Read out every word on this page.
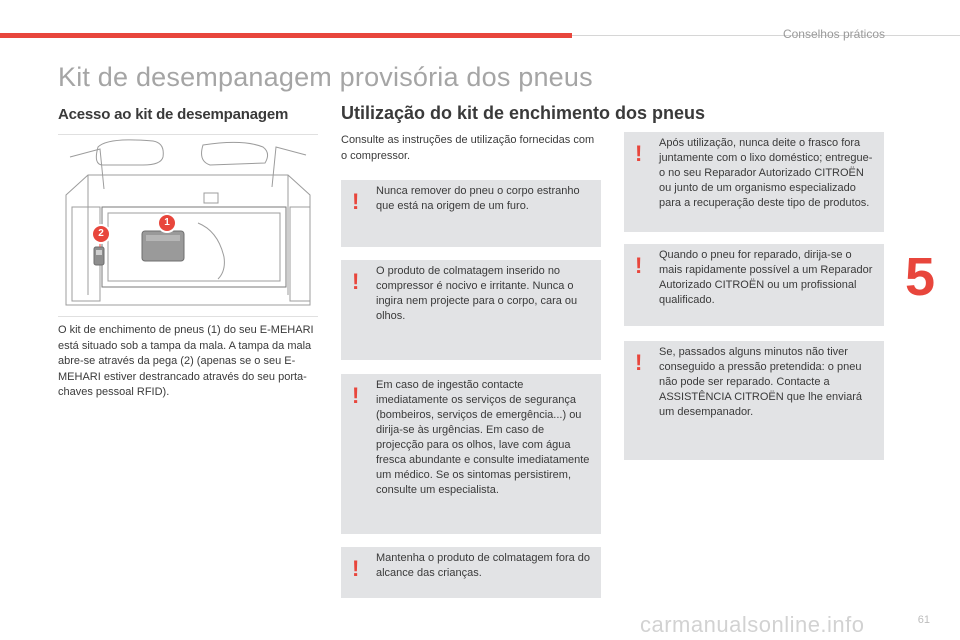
Conselhos práticos
Kit de desempanagem provisória dos pneus
Acesso ao kit de desempanagem	Utilização do kit de enchimento dos pneus
1
2
O kit de enchimento de pneus (1) do seu E-MEHARI está situado sob a tampa da mala. A tampa da mala abre-se através da pega (2) (apenas se o seu E-MEHARI estiver destrancado através do seu porta-chaves pessoal RFID).
Consulte as instruções de utilização fornecidas com o compressor.
! Nunca remover do pneu o corpo estranho que está na origem de um furo.
! O produto de colmatagem inserido no compressor é nocivo e irritante. Nunca o ingira nem projecte para o corpo, cara ou olhos.
! Em caso de ingestão contacte imediatamente os serviços de segurança (bombeiros, serviços de emergência...) ou dirija-se às urgências. Em caso de projecção para os olhos, lave com água fresca abundante e consulte imediatamente um médico. Se os sintomas persistirem, consulte um especialista.
! Mantenha o produto de colmatagem fora do alcance das crianças.
! Após utilização, nunca deite o frasco fora juntamente com o lixo doméstico; entregue-o no seu Reparador Autorizado CITROËN ou junto de um organismo especializado para a recuperação deste tipo de produtos.
! Quando o pneu for reparado, dirija-se o mais rapidamente possível a um Reparador Autorizado CITROËN ou um profissional qualificado.
! Se, passados alguns minutos não tiver conseguido a pressão pretendida: o pneu não pode ser reparado. Contacte a ASSISTÊNCIA CITROËN que lhe enviará um desempanador.
5
carmanualsonline.info	61
